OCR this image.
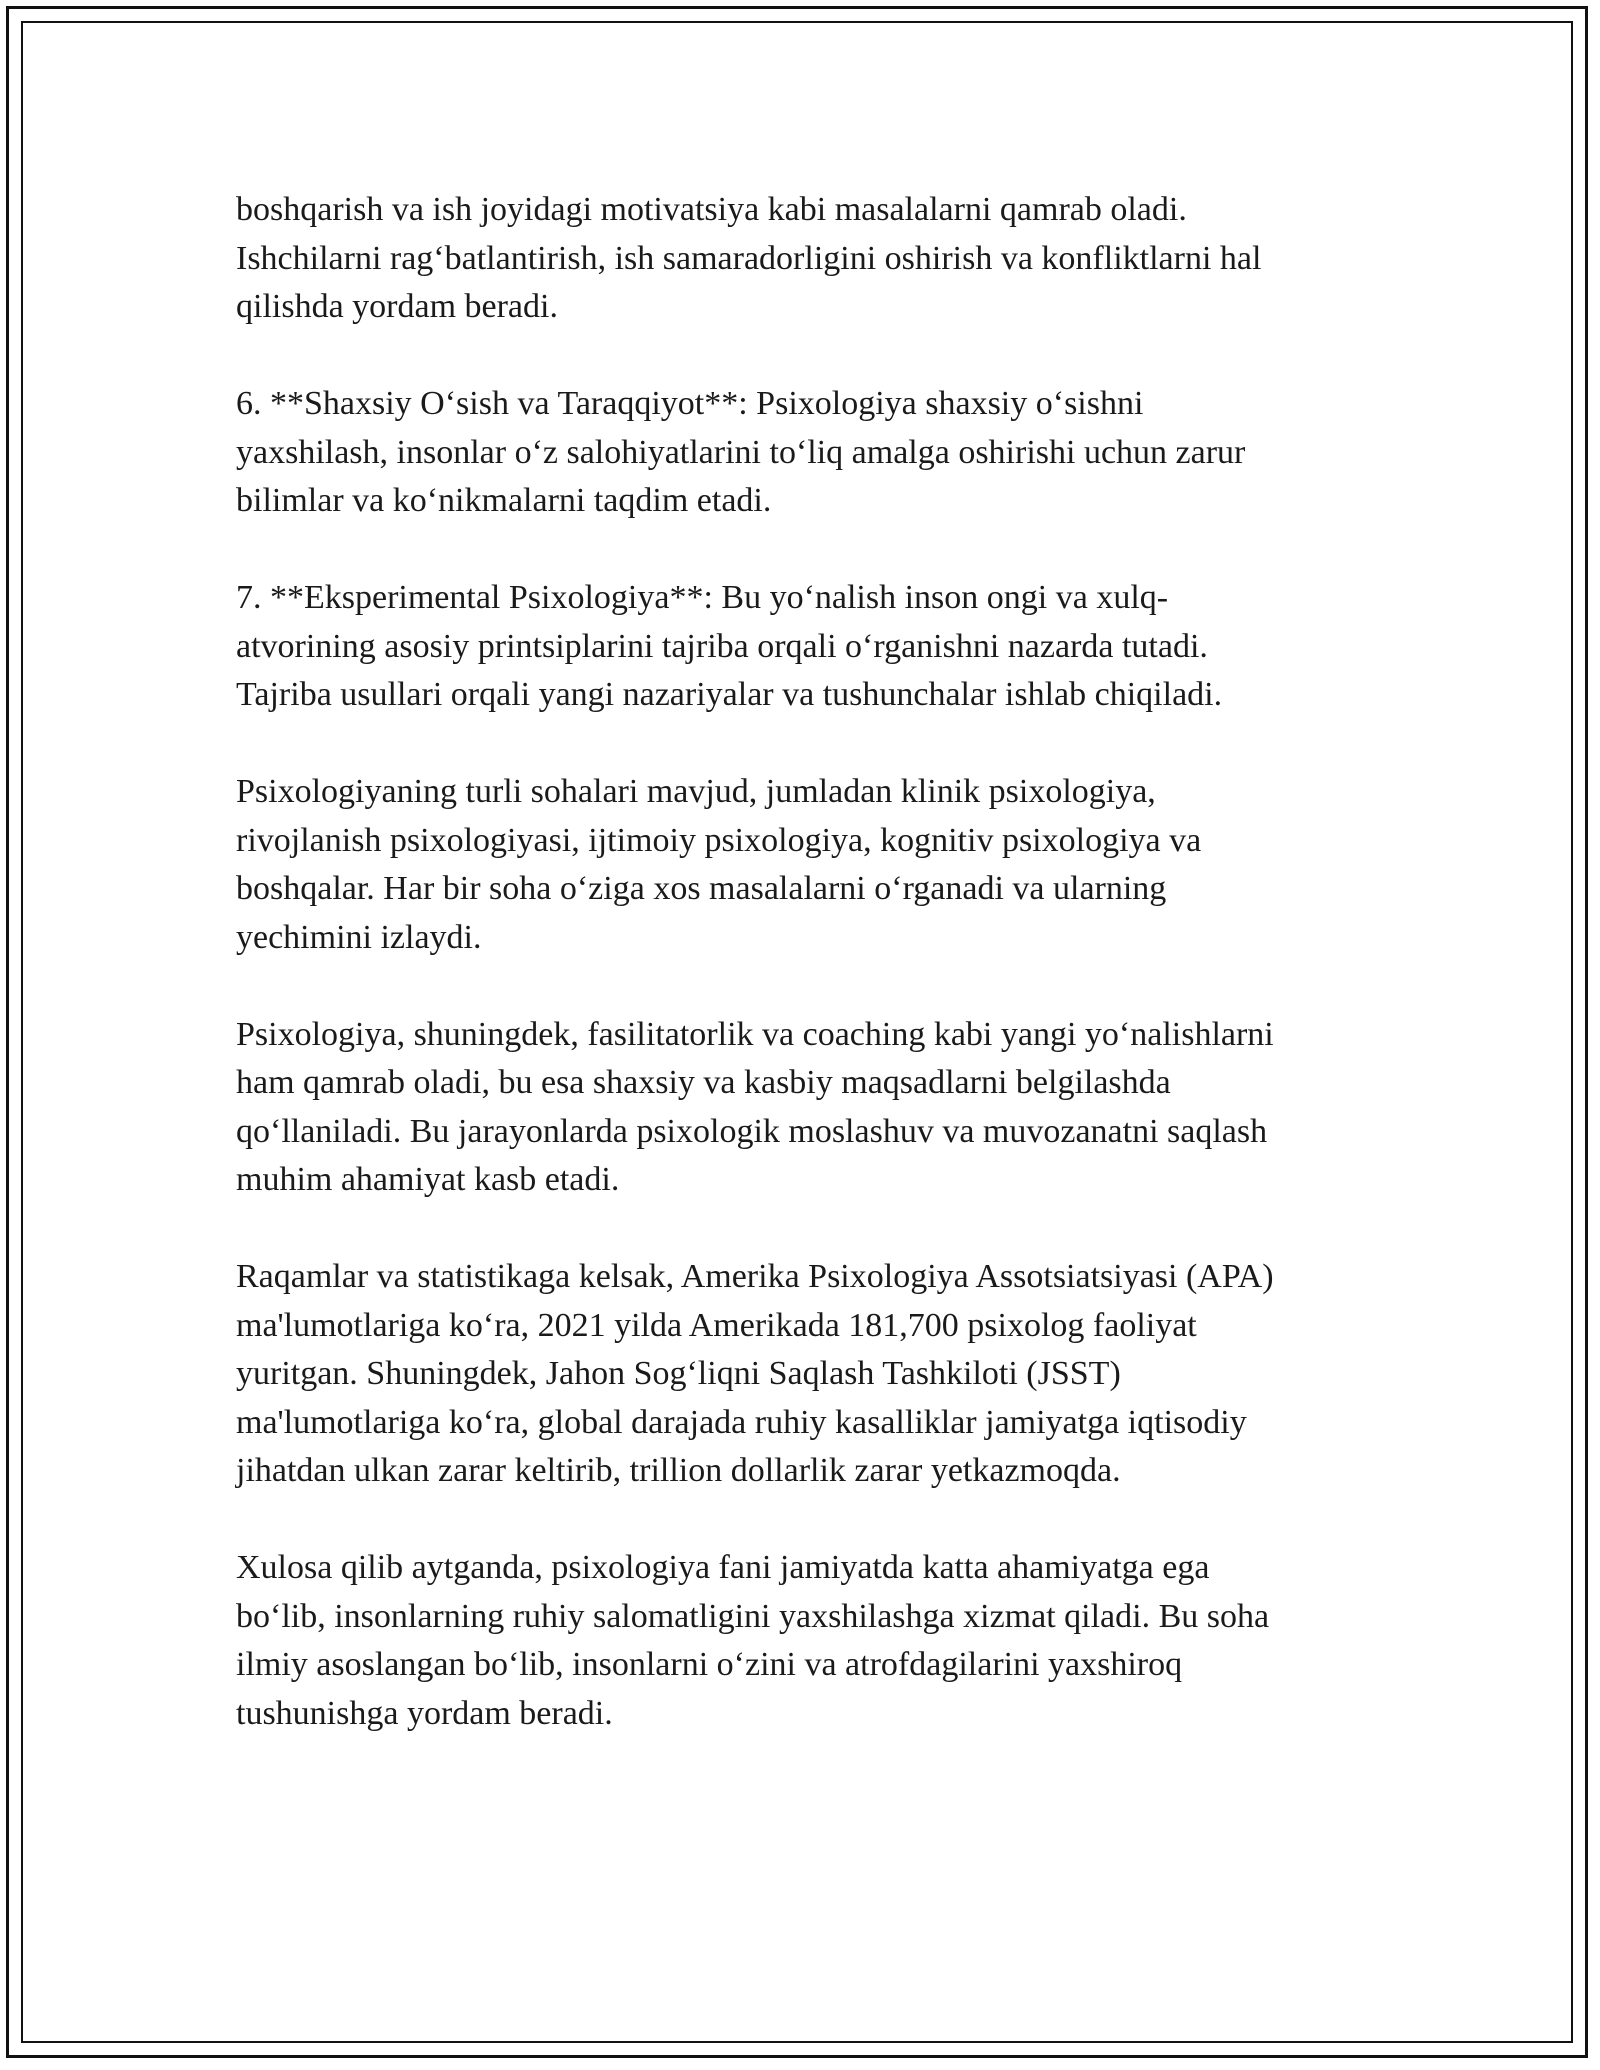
boshqarish va ish joyidagi motivatsiya kabi masalalarni qamrab oladi.
Ishchilarni rag‘batlantirish, ish samaradorligini oshirish va konfliktlarni hal
qilishda yordam beradi.

6. **Shaxsiy O‘sish va Taraqqiyot**: Psixologiya shaxsiy o‘sishni
yaxshilash, insonlar o‘z salohiyatlarini to‘liq amalga oshirishi uchun zarur
bilimlar va ko‘nikmalarni taqdim etadi.

7. **Eksperimental Psixologiya**: Bu yo‘nalish inson ongi va xulq-
atvorining asosiy printsiplarini tajriba orqali o‘rganishni nazarda tutadi.
Tajriba usullari orqali yangi nazariyalar va tushunchalar ishlab chiqiladi.

Psixologiyaning turli sohalari mavjud, jumladan klinik psixologiya,
rivojlanish psixologiyasi, ijtimoiy psixologiya, kognitiv psixologiya va
boshqalar. Har bir soha o‘ziga xos masalalarni o‘rganadi va ularning
yechimini izlaydi.

Psixologiya, shuningdek, fasilitatorlik va coaching kabi yangi yo‘nalishlarni
ham qamrab oladi, bu esa shaxsiy va kasbiy maqsadlarni belgilashda
qo‘llaniladi. Bu jarayonlarda psixologik moslashuv va muvozanatni saqlash
muhim ahamiyat kasb etadi.

Raqamlar va statistikaga kelsak, Amerika Psixologiya Assotsiatsiyasi (APA)
ma'lumotlariga ko‘ra, 2021 yilda Amerikada 181,700 psixolog faoliyat
yuritgan. Shuningdek, Jahon Sog‘liqni Saqlash Tashkiloti (JSST)
ma'lumotlariga ko‘ra, global darajada ruhiy kasalliklar jamiyatga iqtisodiy
jihatdan ulkan zarar keltirib, trillion dollarlik zarar yetkazmoqda.

Xulosa qilib aytganda, psixologiya fani jamiyatda katta ahamiyatga ega
bo‘lib, insonlarning ruhiy salomatligini yaxshilashga xizmat qiladi. Bu soha
ilmiy asoslangan bo‘lib, insonlarni o‘zini va atrofdagilarini yaxshiroq
tushunishga yordam beradi.
